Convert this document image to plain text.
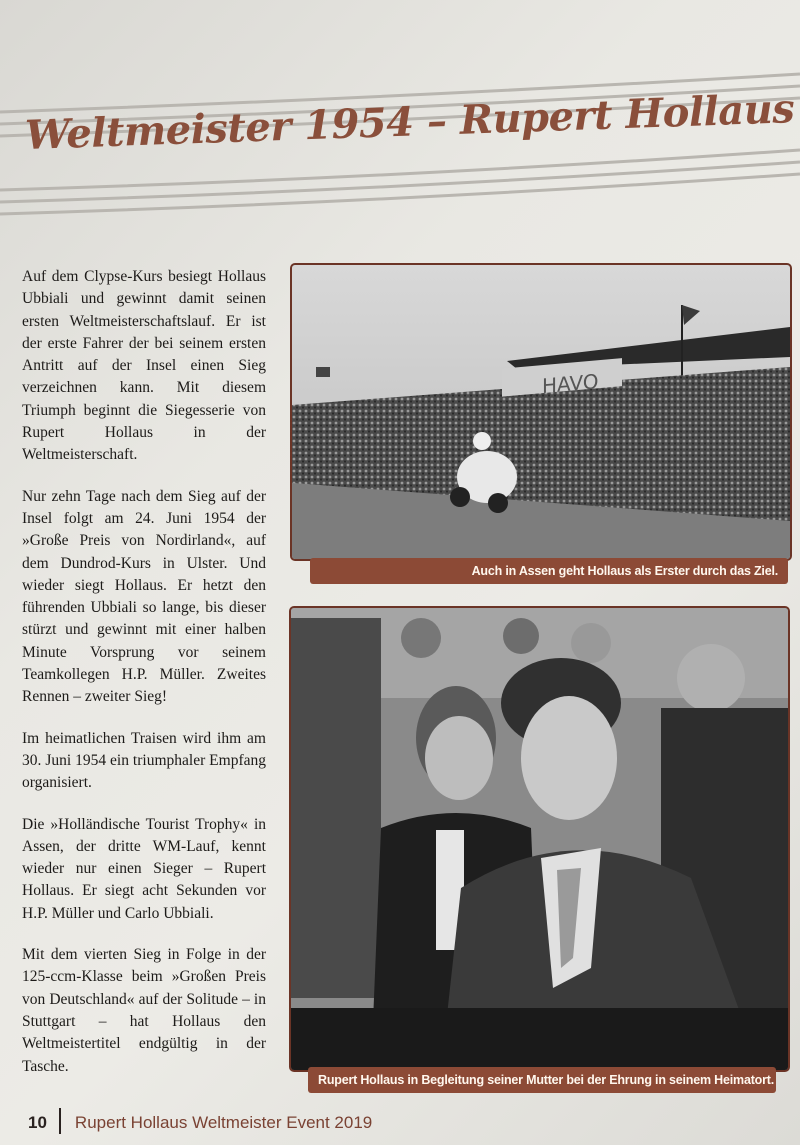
Weltmeister 1954 – Rupert Hollaus

Auf dem Clypse-Kurs besiegt Hollaus Ubbiali und gewinnt damit seinen ersten Weltmeisterschaftslauf. Er ist der erste Fahrer der bei seinem ersten Antritt auf der Insel einen Sieg verzeichnen kann. Mit diesem Triumph beginnt die Siegesserie von Rupert Hollaus in der Weltmeisterschaft.

Nur zehn Tage nach dem Sieg auf der Insel folgt am 24. Juni 1954 der »Große Preis von Nordirland«, auf dem Dundrod-Kurs in Ulster. Und wieder siegt Hollaus. Er hetzt den führenden Ubbiali so lange, bis dieser stürzt und gewinnt mit einer halben Minute Vorsprung vor seinem Teamkollegen H.P. Müller. Zweites Rennen – zweiter Sieg!

Im heimatlichen Traisen wird ihm am 30. Juni 1954 ein triumphaler Empfang organisiert.

Die »Holländische Tourist Trophy« in Assen, der dritte WM-Lauf, kennt wieder nur einen Sieger – Rupert Hollaus. Er siegt acht Sekunden vor H.P. Müller und Carlo Ubbiali.

Mit dem vierten Sieg in Folge in der 125-ccm-Klasse beim »Großen Preis von Deutschland« auf der Solitude – in Stuttgart – hat Hollaus den Weltmeistertitel endgültig in der Tasche.

HAVO
Auch in Assen geht Hollaus als Erster durch das Ziel.
Rupert Hollaus in Begleitung seiner Mutter bei der Ehrung in seinem Heimatort.
10 Rupert Hollaus Weltmeister Event 2019
